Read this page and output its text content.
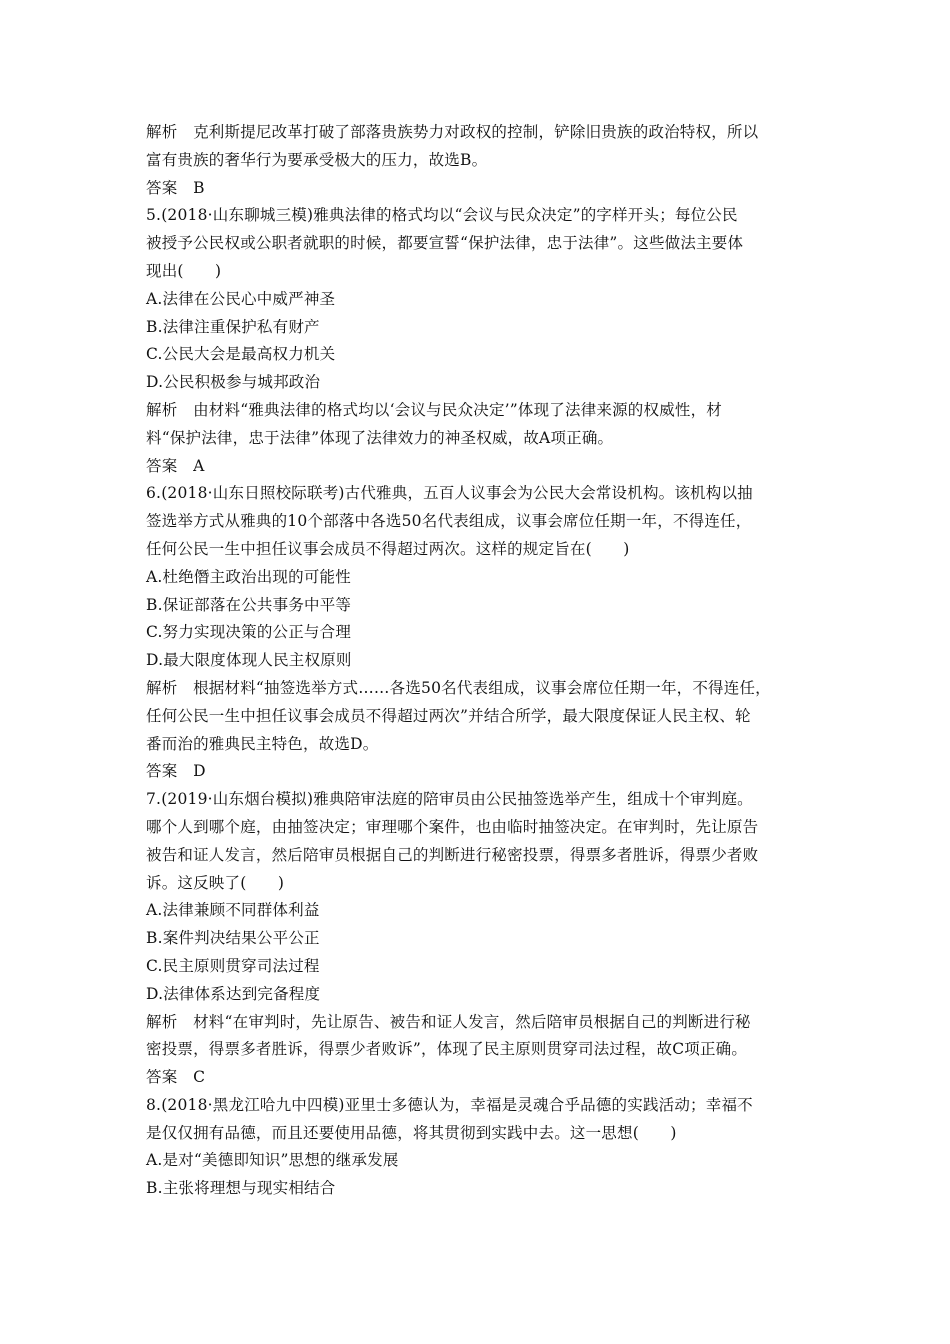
解析　克利斯提尼改革打破了部落贵族势力对政权的控制，铲除旧贵族的政治特权，所以
富有贵族的奢华行为要承受极大的压力，故选B。
答案　B
5.(2018·山东聊城三模)雅典法律的格式均以“会议与民众决定”的字样开头；每位公民
被授予公民权或公职者就职的时候，都要宣誓“保护法律，忠于法律”。这些做法主要体
现出(　　)
A.法律在公民心中威严神圣
B.法律注重保护私有财产
C.公民大会是最高权力机关
D.公民积极参与城邦政治
解析　由材料“雅典法律的格式均以‘会议与民众决定’”体现了法律来源的权威性，材
料“保护法律，忠于法律”体现了法律效力的神圣权威，故A项正确。
答案　A
6.(2018·山东日照校际联考)古代雅典，五百人议事会为公民大会常设机构。该机构以抽
签选举方式从雅典的10个部落中各选50名代表组成，议事会席位任期一年，不得连任，
任何公民一生中担任议事会成员不得超过两次。这样的规定旨在(　　)
A.杜绝僭主政治出现的可能性
B.保证部落在公共事务中平等
C.努力实现决策的公正与合理
D.最大限度体现人民主权原则
解析　根据材料“抽签选举方式……各选50名代表组成，议事会席位任期一年，不得连任，
任何公民一生中担任议事会成员不得超过两次”并结合所学，最大限度保证人民主权、轮
番而治的雅典民主特色，故选D。
答案　D
7.(2019·山东烟台模拟)雅典陪审法庭的陪审员由公民抽签选举产生，组成十个审判庭。
哪个人到哪个庭，由抽签决定；审理哪个案件，也由临时抽签决定。在审判时，先让原告
被告和证人发言，然后陪审员根据自己的判断进行秘密投票，得票多者胜诉，得票少者败
诉。这反映了(　　)
A.法律兼顾不同群体利益
B.案件判决结果公平公正
C.民主原则贯穿司法过程
D.法律体系达到完备程度
解析　材料“在审判时，先让原告、被告和证人发言，然后陪审员根据自己的判断进行秘
密投票，得票多者胜诉，得票少者败诉”，体现了民主原则贯穿司法过程，故C项正确。
答案　C
8.(2018·黑龙江哈九中四模)亚里士多德认为，幸福是灵魂合乎品德的实践活动；幸福不
是仅仅拥有品德，而且还要使用品德，将其贯彻到实践中去。这一思想(　　)
A.是对“美德即知识”思想的继承发展
B.主张将理想与现实相结合
